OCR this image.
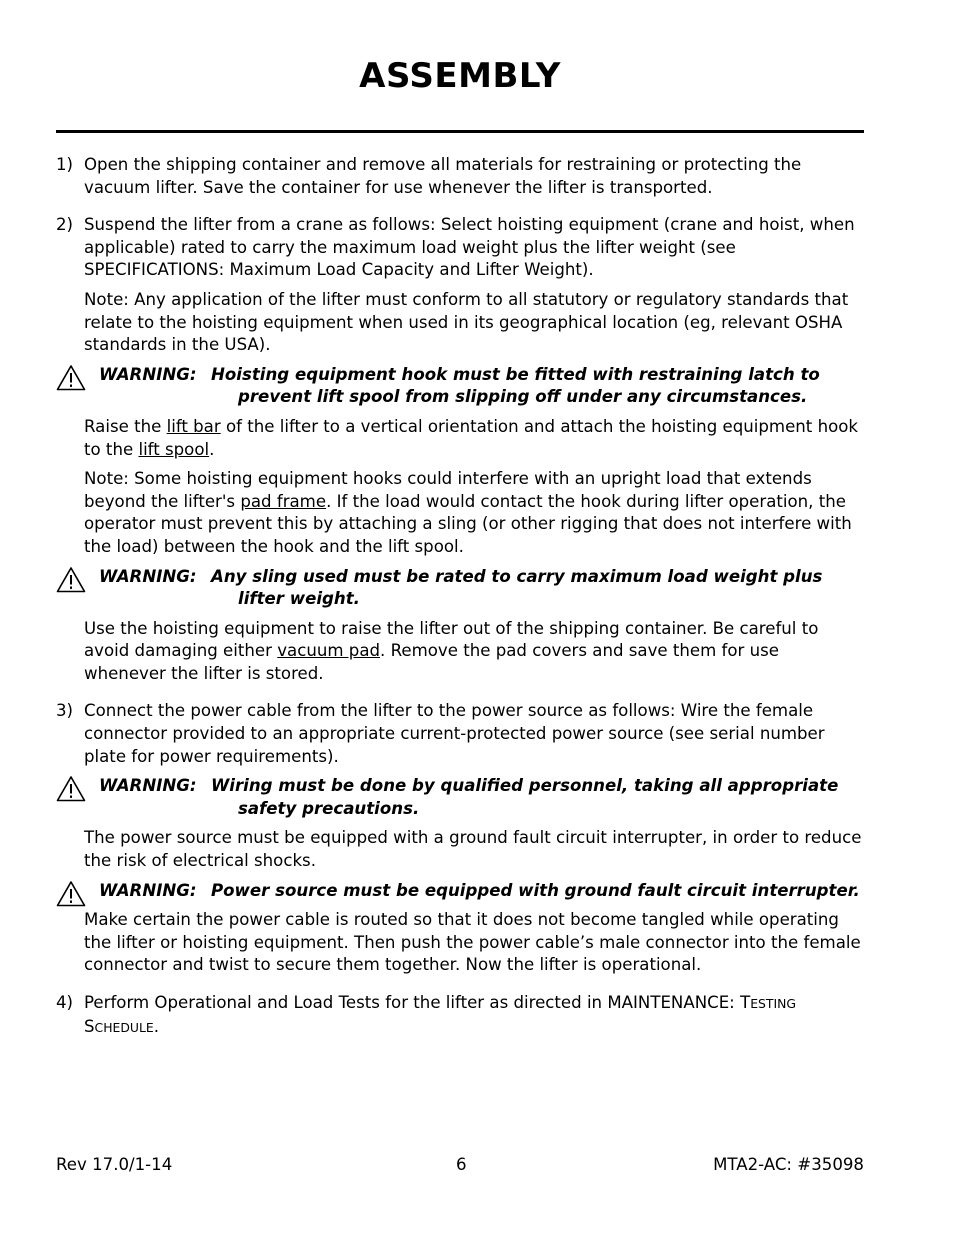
ASSEMBLY
1) Open the shipping container and remove all materials for restraining or protecting the vacuum lifter. Save the container for use whenever the lifter is transported.

2) Suspend the lifter from a crane as follows: Select hoisting equipment (crane and hoist, when applicable) rated to carry the maximum load weight plus the lifter weight (see SPECIFICATIONS: Maximum Load Capacity and Lifter Weight).

Note: Any application of the lifter must conform to all statutory or regulatory standards that relate to the hoisting equipment when used in its geographical location (eg, relevant OSHA standards in the USA).

WARNING: Hoisting equipment hook must be fitted with restraining latch to
prevent lift spool from slipping off under any circumstances.

Raise the lift bar of the lifter to a vertical orientation and attach the hoisting equipment hook to the lift spool.

Note: Some hoisting equipment hooks could interfere with an upright load that extends beyond the lifter's pad frame. If the load would contact the hook during lifter operation, the operator must prevent this by attaching a sling (or other rigging that does not interfere with the load) between the hook and the lift spool.

WARNING: Any sling used must be rated to carry maximum load weight plus
lifter weight.

Use the hoisting equipment to raise the lifter out of the shipping container. Be careful to avoid damaging either vacuum pad. Remove the pad covers and save them for use whenever the lifter is stored.

3) Connect the power cable from the lifter to the power source as follows: Wire the female connector provided to an appropriate current-protected power source (see serial number plate for power requirements).

WARNING: Wiring must be done by qualified personnel, taking all appropriate
safety precautions.

The power source must be equipped with a ground fault circuit interrupter, in order to reduce the risk of electrical shocks.

WARNING: Power source must be equipped with ground fault circuit interrupter.

Make certain the power cable is routed so that it does not become tangled while operating the lifter or hoisting equipment. Then push the power cable’s male connector into the female connector and twist to secure them together. Now the lifter is operational.

4) Perform Operational and Load Tests for the lifter as directed in MAINTENANCE: TESTING SCHEDULE.

Rev 17.0/1-14	6	MTA2-AC: #35098
